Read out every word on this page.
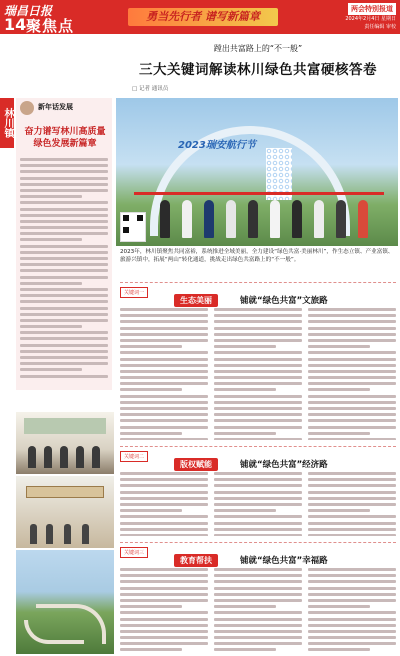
瑞昌日报
14 聚焦点
勇当先行者 谱写新篇章
两会特别报道
2024年2月4日 星期日
责任编辑 审校
林川镇
新年话发展
奋力谱写林川高质量
绿色发展新篇章
蹚出共富路上的“不一般”
三大关键词解读林川绿色共富硬核答卷
□ 记者 通讯员
2023瑞安航行节
2023年，林川镇聚焦共同富裕，系统推进全域美丽，全力建设“绿色共富·美丽林川”，作生态立镇、产业富镇、旅游兴镇中，拓展“两山”转化通道，挑战走出绿色共富路上的“不一般”。
关键词一
生态美丽	铺就“绿色共富”文旅路
关键词二
版权赋能	铺就“绿色共富”经济路
关键词三
教育帮扶	铺就“绿色共富”幸福路
